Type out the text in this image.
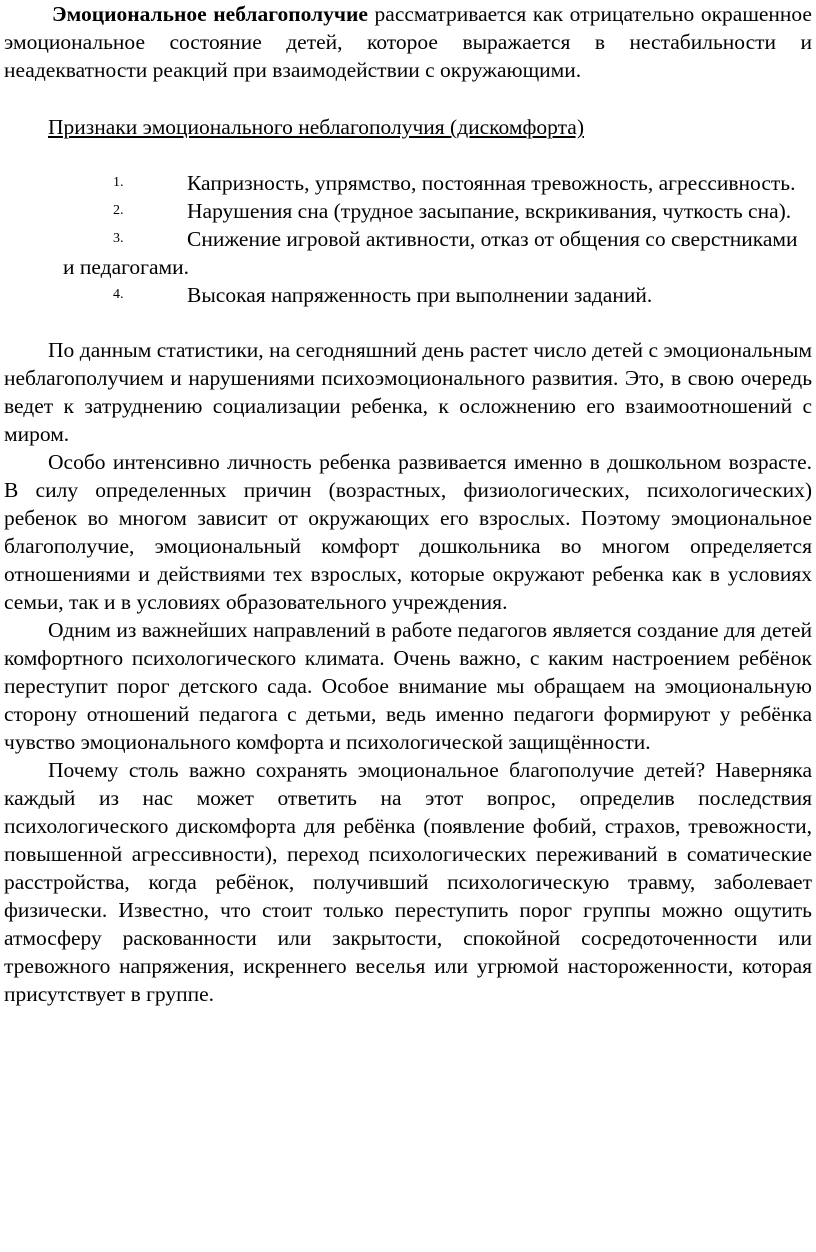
Эмоциональное неблагополучие рассматривается как отрицательно окрашенное эмоциональное состояние детей, которое выражается в нестабильности и неадекватности реакций при взаимодействии с окружающими.

Признаки эмоционального неблагополучия (дискомфорта)

1.	Капризность, упрямство, постоянная тревожность, агрессивность.
2.	Нарушения сна (трудное засыпание, вскрикивания, чуткость сна).
3.	Снижение игровой активности, отказ от общения со сверстниками и педагогами.
4.	Высокая напряженность при выполнении заданий.

По данным статистики, на сегодняшний день растет число детей с эмоциональным неблагополучием и нарушениями психоэмоционального развития. Это, в свою очередь ведет к затруднению социализации ребенка, к осложнению его взаимоотношений с миром.

Особо интенсивно личность ребенка развивается именно в дошкольном возрасте. В силу определенных причин (возрастных, физиологических, психологических) ребенок во многом зависит от окружающих его взрослых. Поэтому эмоциональное благополучие, эмоциональный комфорт дошкольника во многом определяется отношениями и действиями тех взрослых, которые окружают ребенка как в условиях семьи, так и в условиях образовательного учреждения.

Одним из важнейших направлений в работе педагогов является создание для детей комфортного психологического климата. Очень важно, с каким настроением ребёнок переступит порог детского сада. Особое внимание мы обращаем на эмоциональную сторону отношений педагога с детьми, ведь именно педагоги формируют у ребёнка чувство эмоционального комфорта и психологической защищённости.

Почему столь важно сохранять эмоциональное благополучие детей? Наверняка каждый из нас может ответить на этот вопрос, определив последствия психологического дискомфорта для ребёнка (появление фобий, страхов, тревожности, повышенной агрессивности), переход психологических переживаний в соматические расстройства, когда ребёнок, получивший психологическую травму, заболевает физически. Известно, что стоит только переступить порог группы можно ощутить атмосферу раскованности или закрытости, спокойной сосредоточенности или тревожного напряжения, искреннего веселья или угрюмой настороженности, которая присутствует в группе.
